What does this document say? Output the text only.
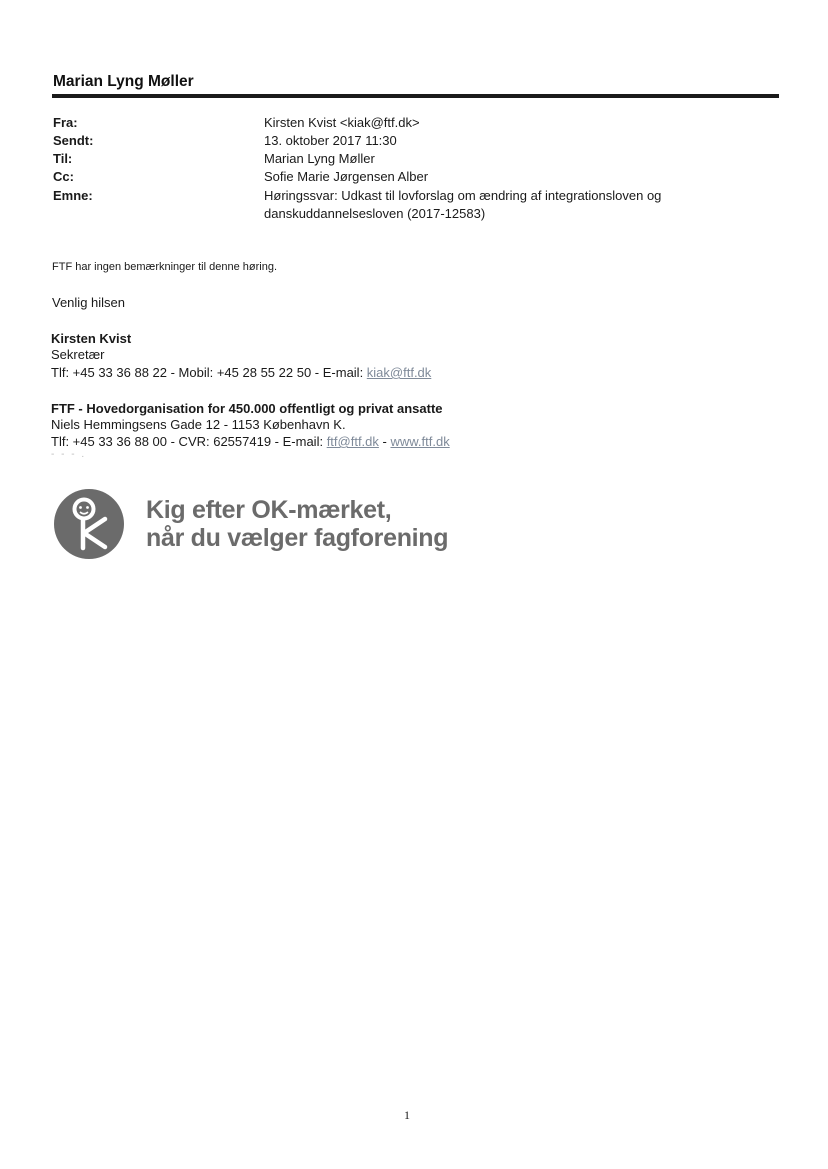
Marian Lyng Møller
Fra:	Kirsten Kvist <kiak@ftf.dk>
Sendt:	13. oktober 2017 11:30
Til:	Marian Lyng Møller
Cc:	Sofie Marie Jørgensen Alber
Emne:	Høringssvar: Udkast til lovforslag om ændring af integrationsloven og
danskuddannelsesloven (2017-12583)
FTF har ingen bemærkninger til denne høring.
Venlig hilsen
Kirsten Kvist
Sekretær
Tlf: +45 33 36 88 22 - Mobil: +45 28 55 22 50 - E-mail: kiak@ftf.dk
FTF - Hovedorganisation for 450.000 offentligt og privat ansatte
Niels Hemmingsens Gade 12 - 1153 København K.
Tlf: +45 33 36 88 00 - CVR: 62557419 - E-mail: ftf@ftf.dk - www.ftf.dk
- - - .
Kig efter OK-mærket,
når du vælger fagforening
1
